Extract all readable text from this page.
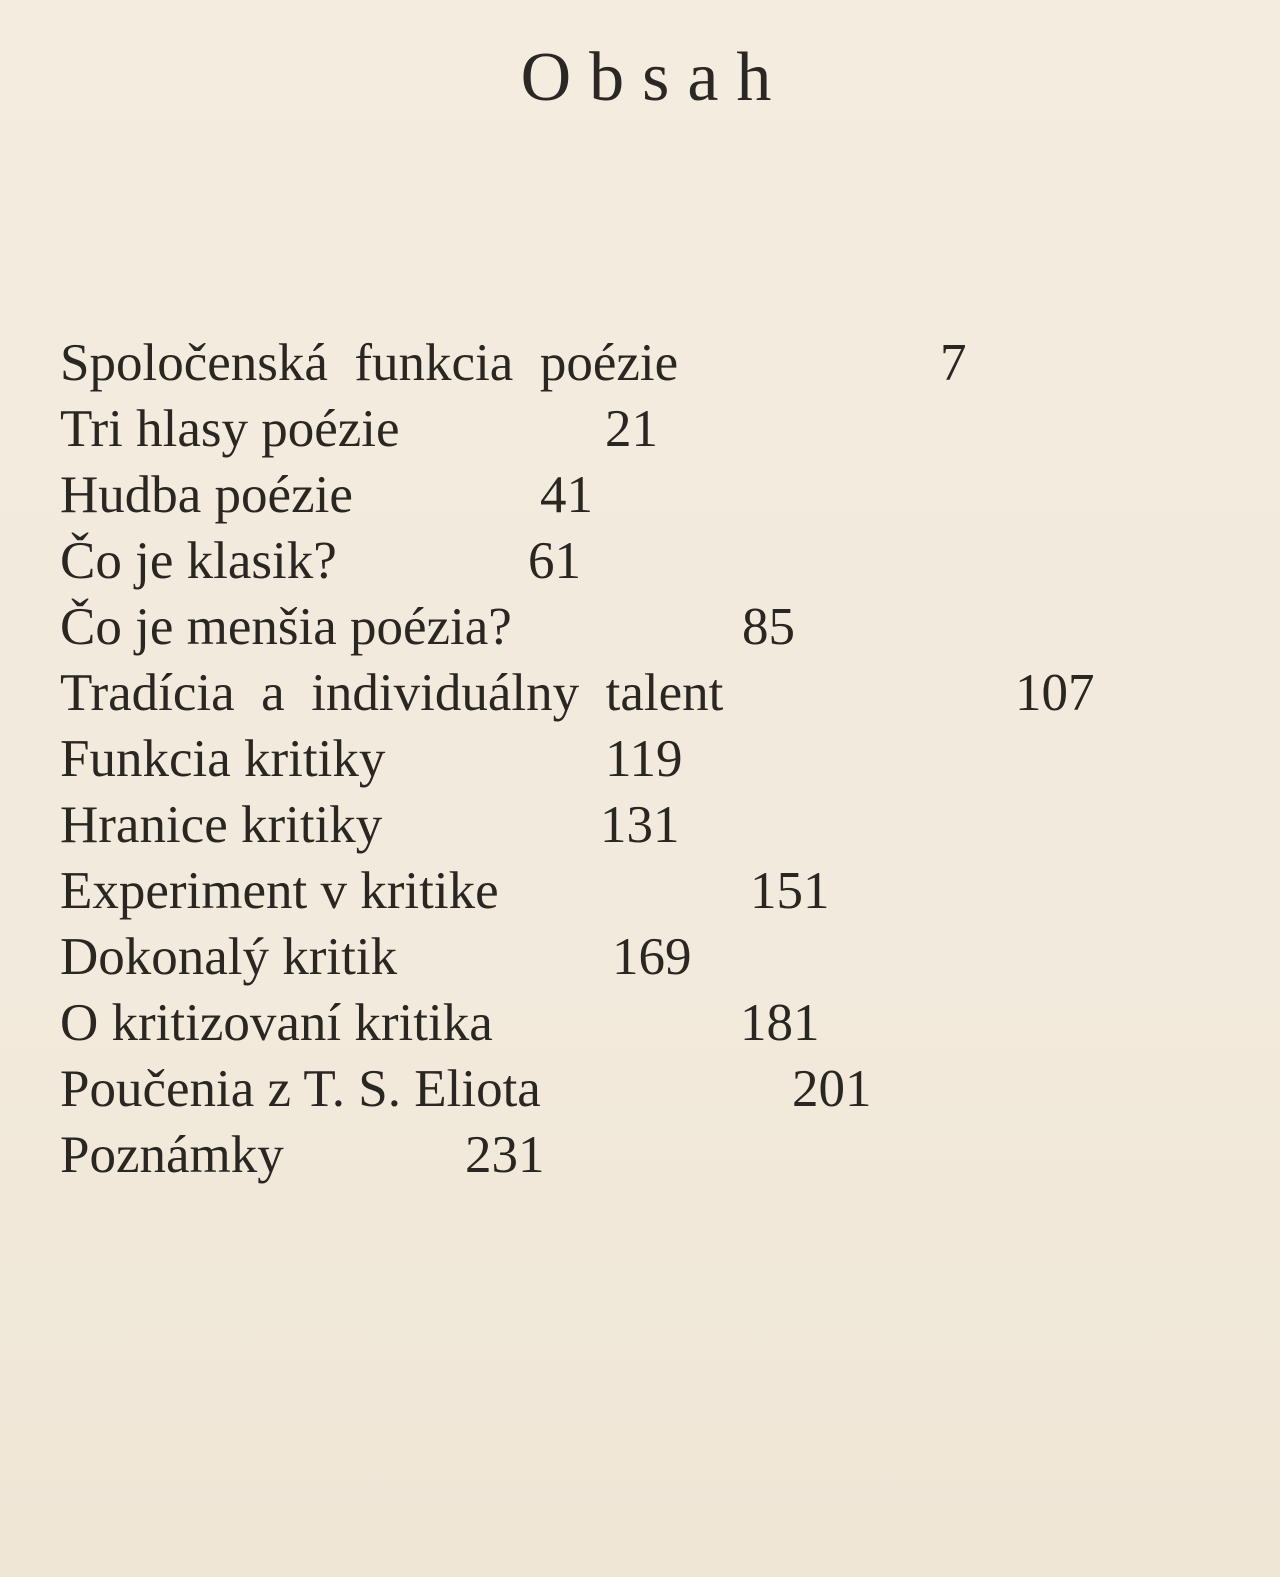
Obsah
Spoločenská  funkcia  poézie	7
Tri hlasy poézie	21
Hudba poézie	41
Čo je klasik?	61
Čo je menšia poézia?	85
Tradícia  a  individuálny  talent	107
Funkcia kritiky	119
Hranice kritiky	131
Experiment v kritike	151
Dokonalý kritik	169
O kritizovaní kritika	181
Poučenia z T. S. Eliota	201
Poznámky	231
